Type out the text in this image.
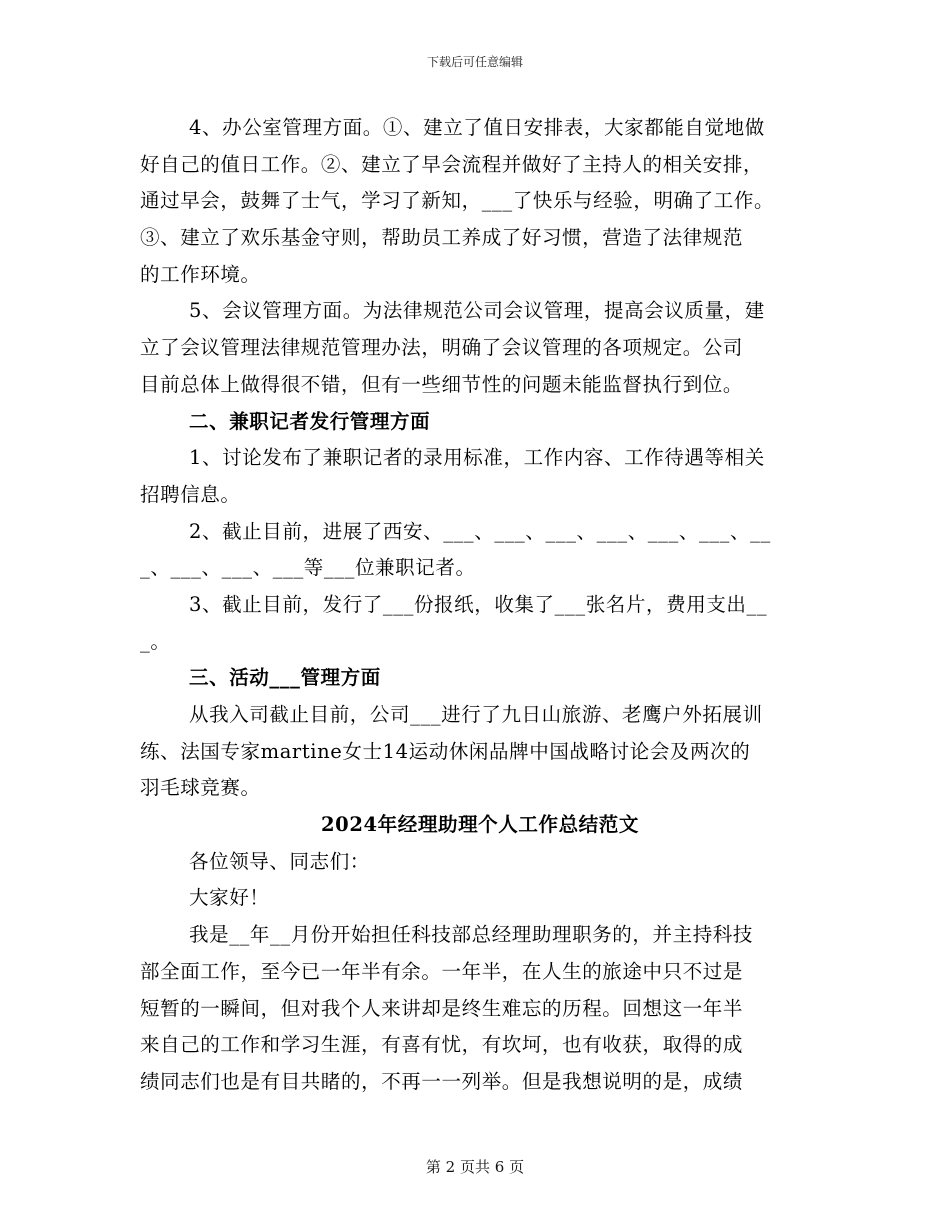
下载后可任意编辑
4、办公室管理方面。①、建立了值日安排表，大家都能自觉地做
好自己的值日工作。②、建立了早会流程并做好了主持人的相关安排，
通过早会，鼓舞了士气，学习了新知，___了快乐与经验，明确了工作。
③、建立了欢乐基金守则，帮助员工养成了好习惯，营造了法律规范
的工作环境。
5、会议管理方面。为法律规范公司会议管理，提高会议质量，建
立了会议管理法律规范管理办法，明确了会议管理的各项规定。公司
目前总体上做得很不错，但有一些细节性的问题未能监督执行到位。
二、兼职记者发行管理方面
1、讨论发布了兼职记者的录用标准，工作内容、工作待遇等相关
招聘信息。
2、截止目前，进展了西安、___、___、___、___、___、___、__
_、___、___、___等___位兼职记者。
3、截止目前，发行了___份报纸，收集了___张名片，费用支出__
_。
三、活动___管理方面
从我入司截止目前，公司___进行了九日山旅游、老鹰户外拓展训
练、法国专家martine女士14运动休闲品牌中国战略讨论会及两次的
羽毛球竞赛。
2024年经理助理个人工作总结范文
各位领导、同志们：
大家好！
我是__年__月份开始担任科技部总经理助理职务的，并主持科技
部全面工作，至今已一年半有余。一年半，在人生的旅途中只不过是
短暂的一瞬间，但对我个人来讲却是终生难忘的历程。回想这一年半
来自己的工作和学习生涯，有喜有忧，有坎坷，也有收获，取得的成
绩同志们也是有目共睹的，不再一一列举。但是我想说明的是，成绩
第 2 页共 6 页
